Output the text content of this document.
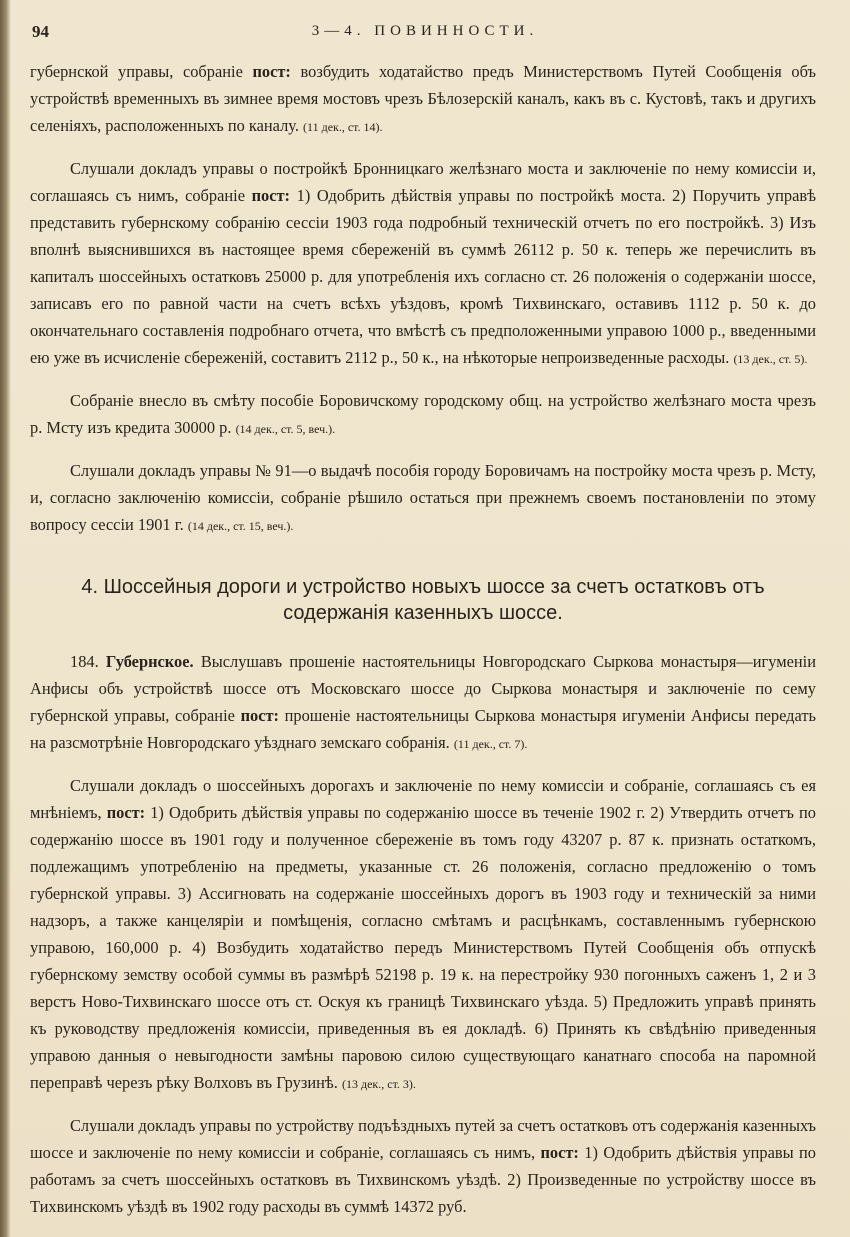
94	3—4. ПОВИННОСТИ.

губернской управы, собраніе пост: возбудить ходатайство предъ Министерствомъ Путей Сообщенія объ устройствѣ временныхъ въ зимнее время мостовъ чрезъ Бѣлозерскій каналъ, какъ въ с. Кустовѣ, такъ и другихъ селеніяхъ, расположенныхъ по каналу. (11 дек., ст. 14).

Слушали докладъ управы о постройкѣ Бронницкаго желѣзнаго моста и заключеніе по нему комиссіи и, соглашаясь съ нимъ, собраніе пост: 1) Одобрить дѣйствія управы по постройкѣ моста. 2) Поручить управѣ представить губернскому собранію сессіи 1903 года подробный техническій отчетъ по его постройкѣ. 3) Изъ вполнѣ выяснившихся въ настоящее время сбереженій въ суммѣ 26112 р. 50 к. теперь же перечислить въ капиталъ шоссейныхъ остатковъ 25000 р. для употребленія ихъ согласно ст. 26 положенія о содержаніи шоссе, записавъ его по равной части на счетъ всѣхъ уѣздовъ, кромѣ Тихвинскаго, оставивъ 1112 р. 50 к. до окончательнаго составленія подробнаго отчета, что вмѣстѣ съ предположенными управою 1000 р., введенными ею уже въ исчисленіе сбереженій, составитъ 2112 р., 50 к., на нѣкоторые непроизведенные расходы. (13 дек., ст. 5).

Собраніе внесло въ смѣту пособіе Боровичскому городскому общ. на устройство желѣзнаго моста чрезъ р. Мсту изъ кредита 30000 р. (14 дек., ст. 5, веч.).

Слушали докладъ управы № 91—о выдачѣ пособія городу Боровичамъ на постройку моста чрезъ р. Мсту, и, согласно заключенію комиссіи, собраніе рѣшило остаться при прежнемъ своемъ постановленіи по этому вопросу сессіи 1901 г. (14 дек., ст. 15, веч.).

4. Шоссейныя дороги и устройство новыхъ шоссе за счетъ остатковъ отъ
содержанія казенныхъ шоссе.

184. Губернское. Выслушавъ прошеніе настоятельницы Новгородскаго Сыркова монастыря—игуменіи Анфисы объ устройствѣ шоссе отъ Московскаго шоссе до Сыркова монастыря и заключеніе по сему губернской управы, собраніе пост: прошеніе настоятельницы Сыркова монастыря игуменіи Анфисы передать на разсмотрѣніе Новгородскаго уѣзднаго земскаго собранія. (11 дек., ст. 7).

Слушали докладъ о шоссейныхъ дорогахъ и заключеніе по нему комиссіи и собраніе, соглашаясь съ ея мнѣніемъ, пост: 1) Одобрить дѣйствія управы по содержанію шоссе въ теченіе 1902 г. 2) Утвердить отчетъ по содержанію шоссе въ 1901 году и полученное сбереженіе въ томъ году 43207 р. 87 к. признать остаткомъ, подлежащимъ употребленію на предметы, указанные ст. 26 положенія, согласно предложенію о томъ губернской управы. 3) Ассигновать на содержаніе шоссейныхъ дорогъ въ 1903 году и техническій за ними надзоръ, а также канцеляріи и помѣщенія, согласно смѣтамъ и расцѣнкамъ, составленнымъ губернскою управою, 160,000 р. 4) Возбудить ходатайство передъ Министерствомъ Путей Сообщенія объ отпускѣ губернскому земству особой суммы въ размѣрѣ 52198 р. 19 к. на перестройку 930 погонныхъ саженъ 1, 2 и 3 верстъ Ново-Тихвинскаго шоссе отъ ст. Оскуя къ границѣ Тихвинскаго уѣзда. 5) Предложить управѣ принять къ руководству предложенія комиссіи, приведенныя въ ея докладѣ. 6) Принять къ свѣдѣнію приведенныя управою данныя о невыгодности замѣны паровою силою существующаго канатнаго способа на паромной переправѣ черезъ рѣку Волховъ въ Грузинѣ. (13 дек., ст. 3).

Слушали докладъ управы по устройству подъѣздныхъ путей за счетъ остатковъ отъ содержанія казенныхъ шоссе и заключеніе по нему комиссіи и собраніе, соглашаясь съ нимъ, пост: 1) Одобрить дѣйствія управы по работамъ за счетъ шоссейныхъ остатковъ въ Тихвинскомъ уѣздѣ. 2) Произведенные по устройству шоссе въ Тихвинскомъ уѣздѣ въ 1902 году расходы въ суммѣ 14372 руб.
